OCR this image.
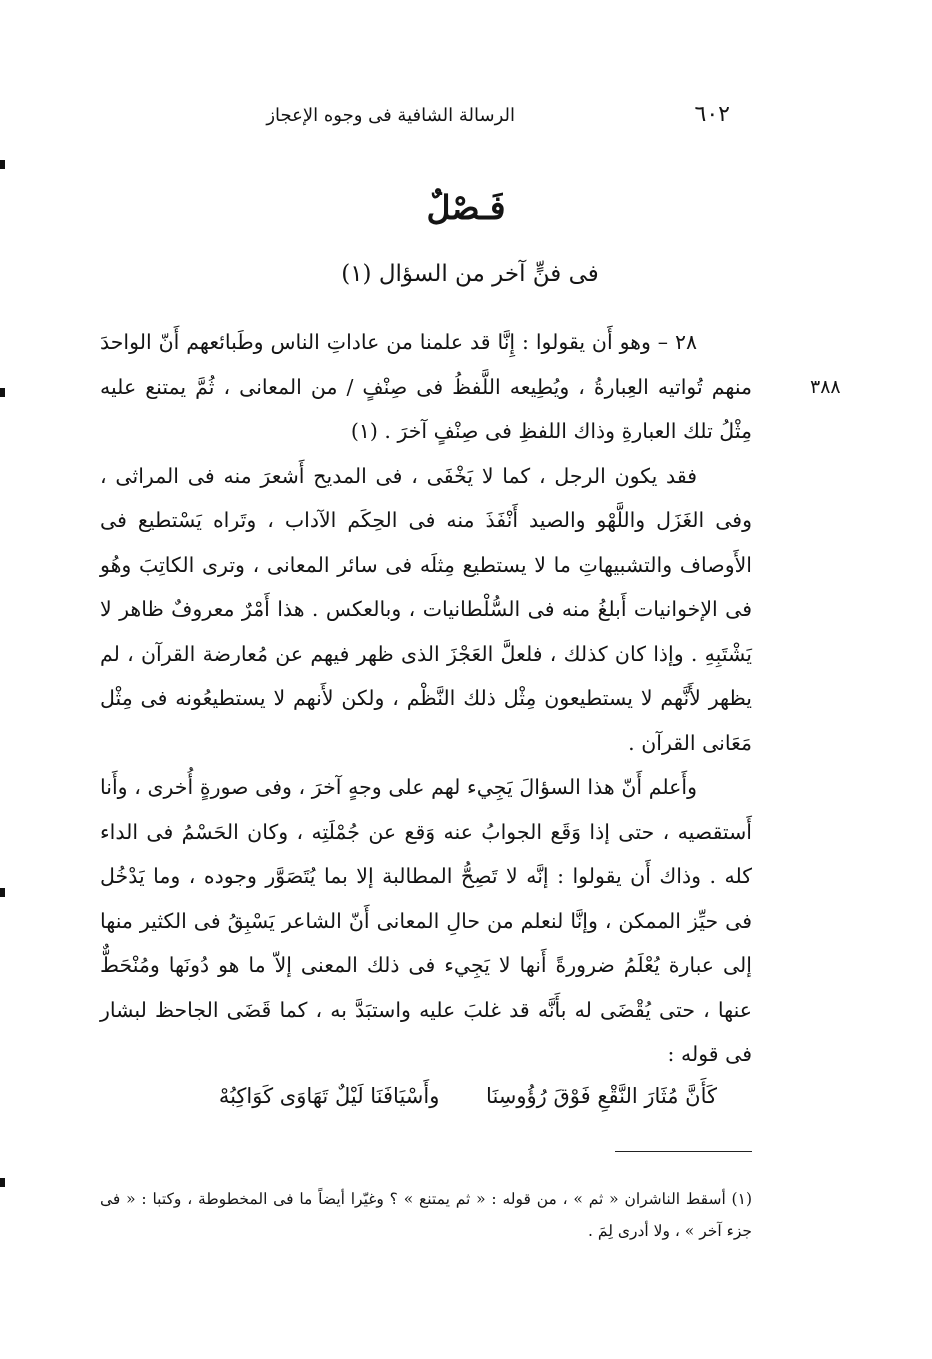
٦٠٢
الرسالة الشافية فى وجوه الإعجاز
فَـصْلٌ
فى فنٍّ آخر من السؤال (١)
٣٨٨

٢٨ – وهو أَن يقولوا : إِنَّا قد علمنا من عاداتِ الناس وطَبائعهم أَنّ الواحدَ منهم تُواتيه العِبارةُ ، ويُطِيعه اللَّفظُ فى صِنْفٍ / من المعانى ، ثُمَّ يمتنع عليه مِثْلُ تلك العبارةِ وذاك اللفظِ فى صِنْفٍ آخرَ . (١)

فقد يكون الرجل ، كما لا يَخْفَى ، فى المديح أَشعرَ منه فى المراثى ، وفى الغَزَل واللَّهْو والصيد أَنْفَذَ منه فى الحِكَم الآداب ، وتَراه يَسْتطيع فى الأَوصاف والتشبيهاتِ ما لا يستطيع مِثلَه فى سائر المعانى ، وترى الكاتِبَ وهُو فى الإخوانيات أَبلغُ منه فى السُّلْطانيات ، وبالعكس . هذا أَمْرٌ معروفٌ ظاهر لا يَشْتَبِهِ . وإذا كان كذلك ، فلعلَّ العَجْزَ الذى ظهر فيهم عن مُعارضة القرآن ، لم يظهر لأَنَّهم لا يستطيعون مِثْل ذلك النَّظْم ، ولكن لأَنهم لا يستطيعُونه فى مِثْل مَعَانى القرآن .

وأَعلم أَنّ هذا السؤالَ يَجِيء لهم على وجهٍ آخرَ ، وفى صورةٍ أُخرى ، وأَنا أَستقصيه ، حتى إذا وَقَع الجوابُ عنه وَقع عن جُمْلَتِه ، وكان الحَسْمُ فى الداء كله . وذاك أَن يقولوا : إنَّه لا تَصِحُّ المطالبة إلا بما يُتَصَوَّر وجوده ، وما يَدْخُل فى حيِّز الممكن ، وإنَّا لنعلم من حالِ المعانى أَنّ الشاعر يَسْبِقُ فى الكثير منها إلى عبارة يُعْلَمُ ضرورةً أَنها لا يَجِيء فى ذلك المعنى إلاّ ما هو دُونَها ومُنْحَطٌّ عنها ، حتى يُقْضَى له بأَنَّه قد غلبَ عليه واستبَدَّ به ، كما قَضَى الجاحظ لبشار فى قوله :

كَأَنَّ مُثَارَ النَّقْعِ فَوْقَ رُؤُوسِنَا وأَسْيَافَنَا لَيْلٌ تَهَاوَى كَوَاكِبُهْ

(١) أسقط الناشران « ثم » ، من قوله : « ثم يمتنع » ؟ وغيّرا أيضاً ما فى المخطوطة ، وكتبا : « فى جزء آخر » ، ولا أدرى لِمَ .
